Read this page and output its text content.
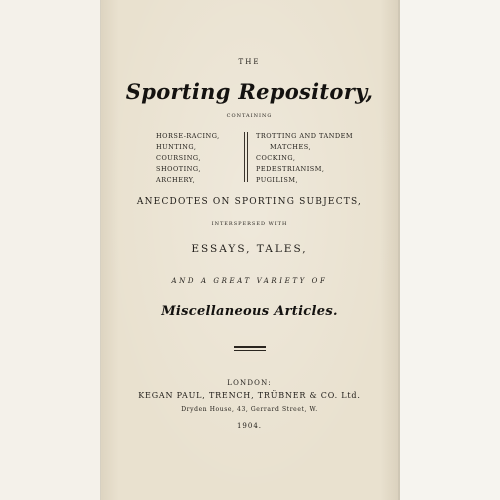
THE

Sporting Repository,

CONTAINING

HORSE-RACING,
HUNTING,
COURSING,
SHOOTING,
ARCHERY,
TROTTING AND TANDEM
MATCHES,
COCKING,
PEDESTRIANISM,
PUGILISM,

ANECDOTES ON SPORTING SUBJECTS,

INTERSPERSED WITH

ESSAYS, TALES,

AND A GREAT VARIETY OF

Miscellaneous Articles.

LONDON:

KEGAN PAUL, TRENCH, TRÜBNER & CO. Ltd.

Dryden House, 43, Gerrard Street, W.

1904.
